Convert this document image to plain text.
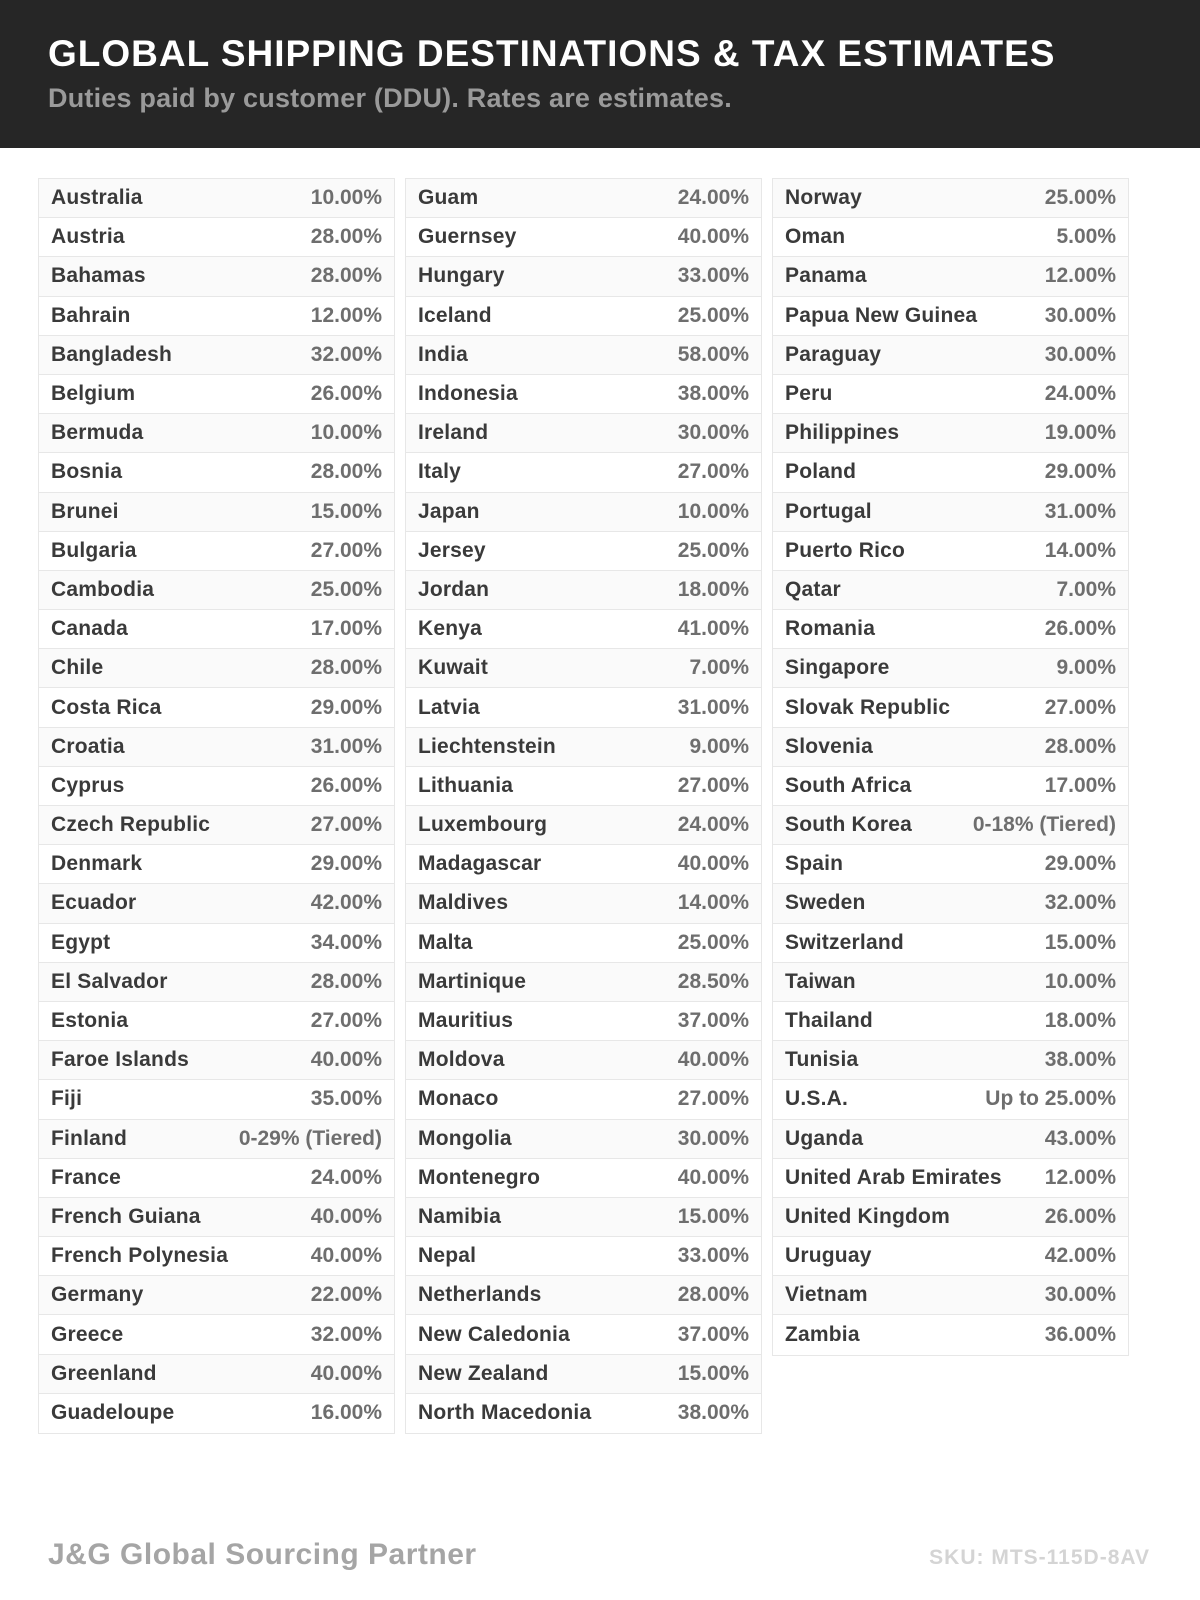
GLOBAL SHIPPING DESTINATIONS & TAX ESTIMATES

Duties paid by customer (DDU). Rates are estimates.

Australia	10.00%
Austria	28.00%
Bahamas	28.00%
Bahrain	12.00%
Bangladesh	32.00%
Belgium	26.00%
Bermuda	10.00%
Bosnia	28.00%
Brunei	15.00%
Bulgaria	27.00%
Cambodia	25.00%
Canada	17.00%
Chile	28.00%
Costa Rica	29.00%
Croatia	31.00%
Cyprus	26.00%
Czech Republic	27.00%
Denmark	29.00%
Ecuador	42.00%
Egypt	34.00%
El Salvador	28.00%
Estonia	27.00%
Faroe Islands	40.00%
Fiji	35.00%
Finland	0-29% (Tiered)
France	24.00%
French Guiana	40.00%
French Polynesia	40.00%
Germany	22.00%
Greece	32.00%
Greenland	40.00%
Guadeloupe	16.00%
Guam	24.00%
Guernsey	40.00%
Hungary	33.00%
Iceland	25.00%
India	58.00%
Indonesia	38.00%
Ireland	30.00%
Italy	27.00%
Japan	10.00%
Jersey	25.00%
Jordan	18.00%
Kenya	41.00%
Kuwait	7.00%
Latvia	31.00%
Liechtenstein	9.00%
Lithuania	27.00%
Luxembourg	24.00%
Madagascar	40.00%
Maldives	14.00%
Malta	25.00%
Martinique	28.50%
Mauritius	37.00%
Moldova	40.00%
Monaco	27.00%
Mongolia	30.00%
Montenegro	40.00%
Namibia	15.00%
Nepal	33.00%
Netherlands	28.00%
New Caledonia	37.00%
New Zealand	15.00%
North Macedonia	38.00%
Norway	25.00%
Oman	5.00%
Panama	12.00%
Papua New Guinea	30.00%
Paraguay	30.00%
Peru	24.00%
Philippines	19.00%
Poland	29.00%
Portugal	31.00%
Puerto Rico	14.00%
Qatar	7.00%
Romania	26.00%
Singapore	9.00%
Slovak Republic	27.00%
Slovenia	28.00%
South Africa	17.00%
South Korea	0-18% (Tiered)
Spain	29.00%
Sweden	32.00%
Switzerland	15.00%
Taiwan	10.00%
Thailand	18.00%
Tunisia	38.00%
U.S.A.	Up to 25.00%
Uganda	43.00%
United Arab Emirates 12.00%
United Kingdom	26.00%
Uruguay	42.00%
Vietnam	30.00%
Zambia	36.00%
J&G Global Sourcing Partner	SKU: MTS-115D-8AV
